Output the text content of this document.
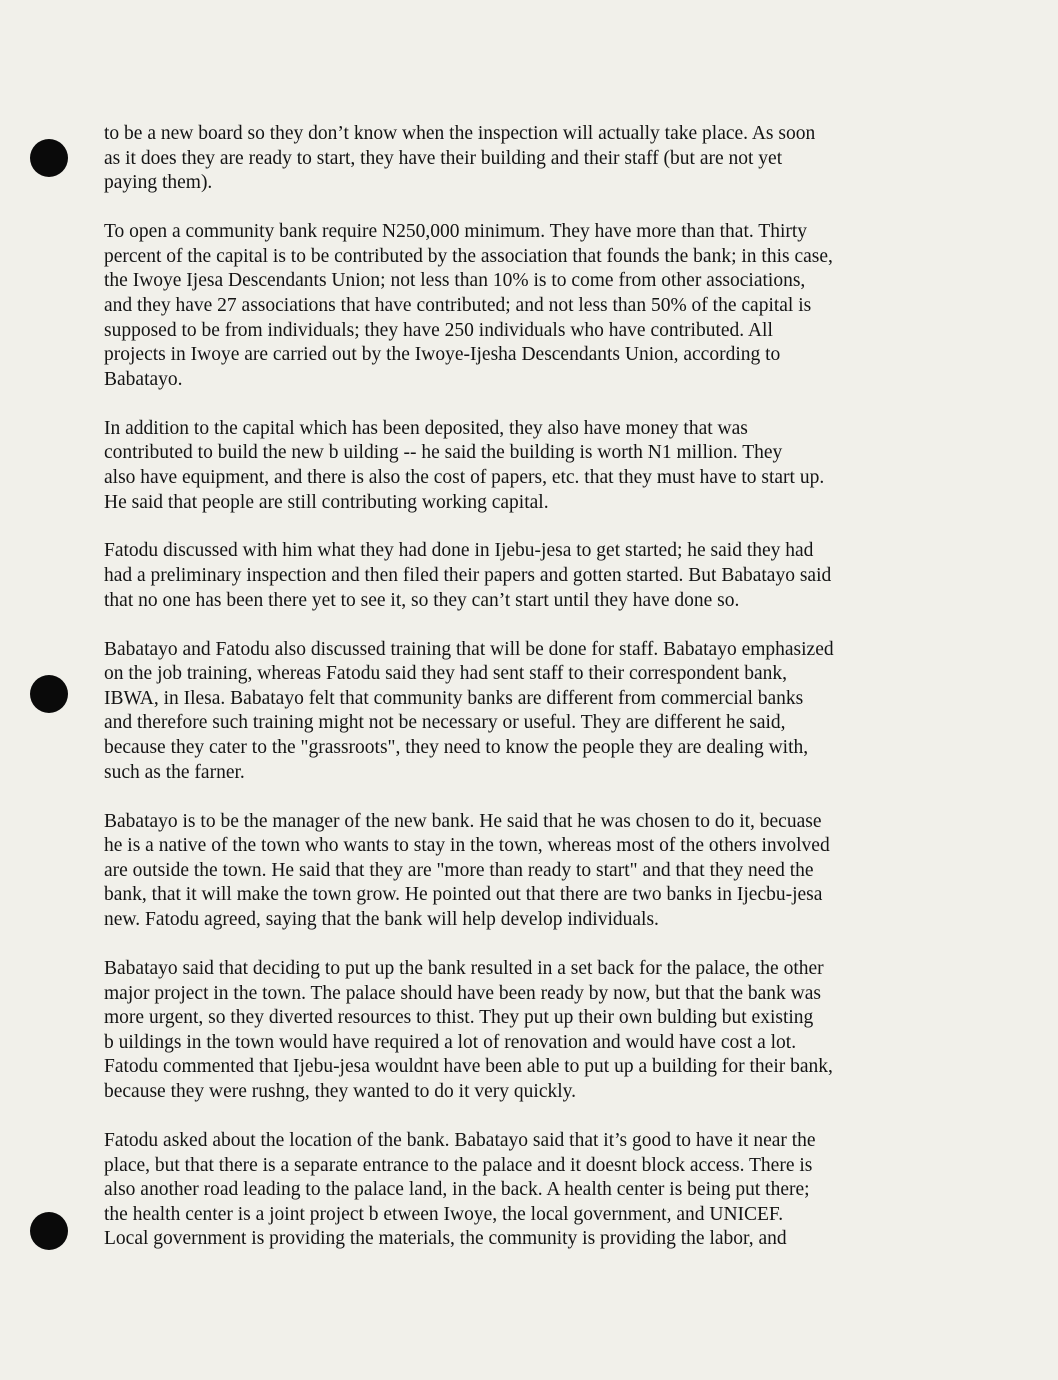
to be a new board so they don’t know when the inspection will actually take place. As soon
as it does they are ready to start, they have their building and their staff (but are not yet
paying them).

To open a community bank require N250,000 minimum. They have more than that. Thirty
percent of the capital is to be contributed by the association that founds the bank; in this case,
the Iwoye Ijesa Descendants Union; not less than 10% is to come from other associations,
and they have 27 associations that have contributed; and not less than 50% of the capital is
supposed to be from individuals; they have 250 individuals who have contributed. All
projects in Iwoye are carried out by the Iwoye-Ijesha Descendants Union, according to
Babatayo.

In addition to the capital which has been deposited, they also have money that was
contributed to build the new b uilding -- he said the building is worth N1 million. They
also have equipment, and there is also the cost of papers, etc. that they must have to start up.
He said that people are still contributing working capital.

Fatodu discussed with him what they had done in Ijebu-jesa to get started; he said they had
had a preliminary inspection and then filed their papers and gotten started. But Babatayo said
that no one has been there yet to see it, so they can’t start until they have done so.

Babatayo and Fatodu also discussed training that will be done for staff. Babatayo emphasized
on the job training, whereas Fatodu said they had sent staff to their correspondent bank,
IBWA, in Ilesa. Babatayo felt that community banks are different from commercial banks
and therefore such training might not be necessary or useful. They are different he said,
because they cater to the "grassroots", they need to know the people they are dealing with,
such as the farner.

Babatayo is to be the manager of the new bank. He said that he was chosen to do it, becuase
he is a native of the town who wants to stay in the town, whereas most of the others involved
are outside the town. He said that they are "more than ready to start" and that they need the
bank, that it will make the town grow. He pointed out that there are two banks in Ijecbu-jesa
new. Fatodu agreed, saying that the bank will help develop individuals.

Babatayo said that deciding to put up the bank resulted in a set back for the palace, the other
major project in the town. The palace should have been ready by now, but that the bank was
more urgent, so they diverted resources to thist. They put up their own bulding but existing
b uildings in the town would have required a lot of renovation and would have cost a lot.
Fatodu commented that Ijebu-jesa wouldnt have been able to put up a building for their bank,
because they were rushng, they wanted to do it very quickly.

Fatodu asked about the location of the bank. Babatayo said that it’s good to have it near the
place, but that there is a separate entrance to the palace and it doesnt block access. There is
also another road leading to the palace land, in the back. A health center is being put there;
the health center is a joint project b etween Iwoye, the local government, and UNICEF.
Local government is providing the materials, the community is providing the labor, and
